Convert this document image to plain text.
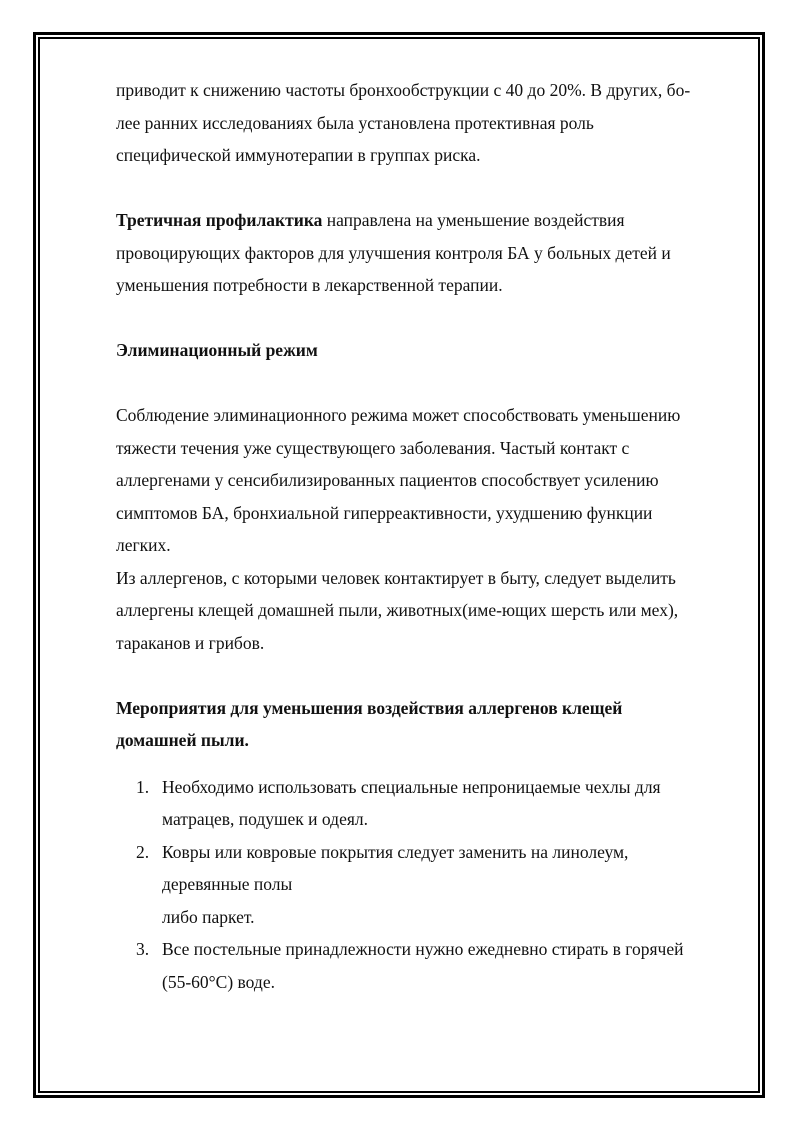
приводит к снижению частоты бронхообструкции с 40 до 20%. В других, бо-
лее ранних исследованиях была установлена протективная роль
специфической иммунотерапии в группах риска.

Третичная профилактика направлена на уменьшение воздействия
провоцирующих факторов для улучшения контроля БА у больных детей и
уменьшения потребности в лекарственной терапии.

Элиминационный режим

Соблюдение элиминационного режима может способствовать уменьшению
тяжести течения уже существующего заболевания. Частый контакт с
аллергенами у сенсибилизированных пациентов способствует усилению
симптомов БА, бронхиальной гиперреактивности, ухудшению функции
легких.
Из аллергенов, с которыми человек контактирует в быту, следует выделить
аллергены клещей домашней пыли, животных(име-ющих шерсть или мех),
тараканов и грибов.

Мероприятия для уменьшения воздействия аллергенов клещей
домашней пыли.

1. Необходимо использовать специальные непроницаемые чехлы для
матрацев, подушек и одеял.

2. Ковры или ковровые покрытия следует заменить на линолеум,
деревянные полы
либо паркет.

3. Все постельные принадлежности нужно ежедневно стирать в горячей
(55-60°С) воде.
